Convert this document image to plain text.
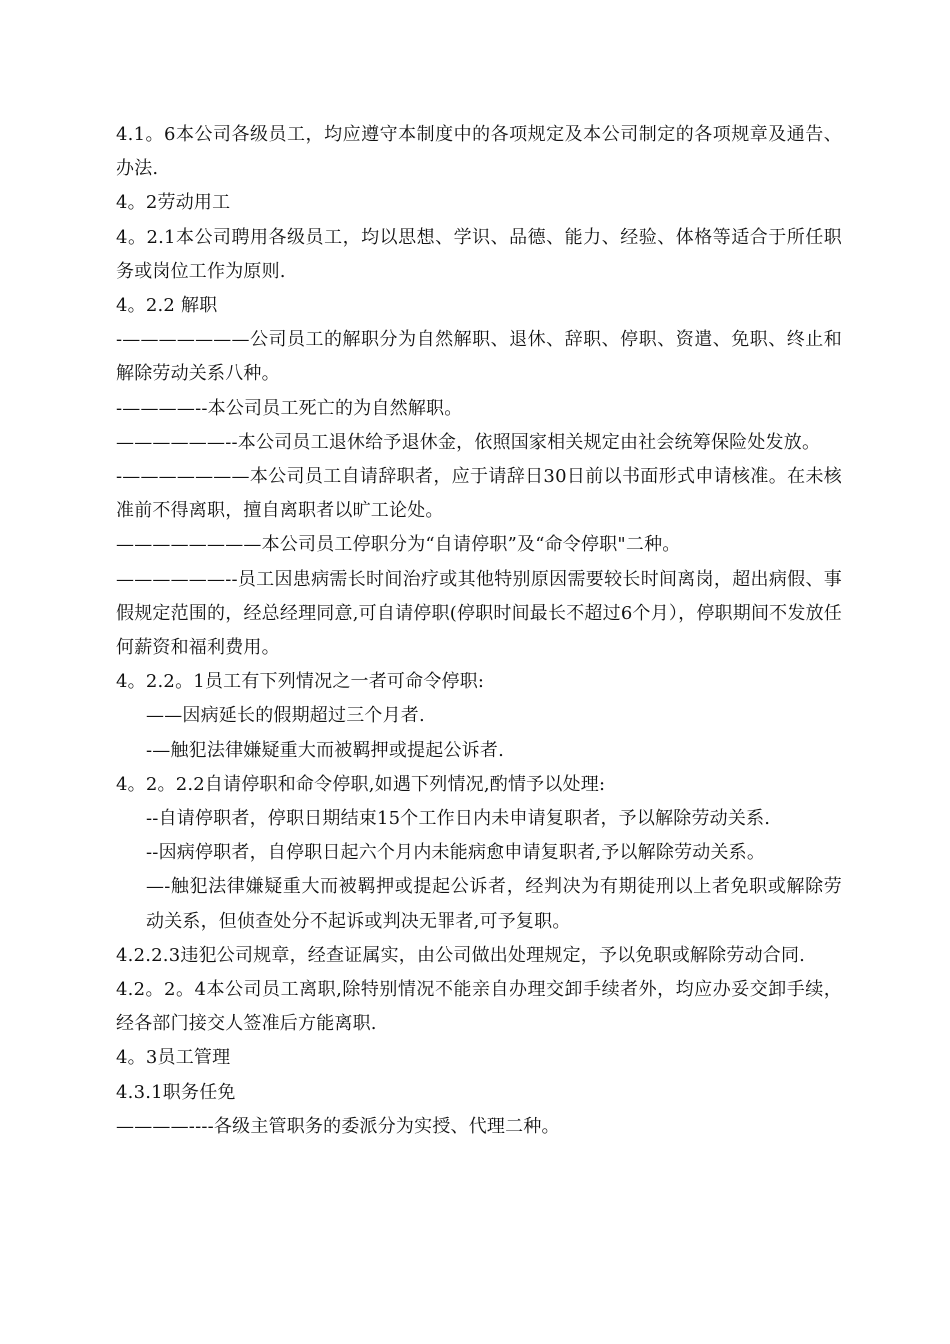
4.1。6本公司各级员工，均应遵守本制度中的各项规定及本公司制定的各项规章及通告、办法.

4。2劳动用工

4。2.1本公司聘用各级员工，均以思想、学识、品德、能力、经验、体格等适合于所任职务或岗位工作为原则.

4。2.2 解职

-———————公司员工的解职分为自然解职、退休、辞职、停职、资遣、免职、终止和解除劳动关系八种。

-————--本公司员工死亡的为自然解职。

——————--本公司员工退休给予退休金，依照国家相关规定由社会统筹保险处发放。

-———————本公司员工自请辞职者，应于请辞日30日前以书面形式申请核准。在未核准前不得离职，擅自离职者以旷工论处。

————————本公司员工停职分为“自请停职”及“命令停职"二种。

——————--员工因患病需长时间治疗或其他特别原因需要较长时间离岗，超出病假、事假规定范围的，经总经理同意,可自请停职(停职时间最长不超过6个月），停职期间不发放任何薪资和福利费用。

4。2.2。1员工有下列情况之一者可命令停职:

——因病延长的假期超过三个月者.

-—触犯法律嫌疑重大而被羁押或提起公诉者.

4。2。2.2自请停职和命令停职,如遇下列情况,酌情予以处理:

--自请停职者，停职日期结束15个工作日内未申请复职者，予以解除劳动关系.

--因病停职者，自停职日起六个月内未能病愈申请复职者,予以解除劳动关系。

—-触犯法律嫌疑重大而被羁押或提起公诉者，经判决为有期徒刑以上者免职或解除劳动关系，但侦查处分不起诉或判决无罪者,可予复职。

4.2.2.3违犯公司规章，经查证属实，由公司做出处理规定，予以免职或解除劳动合同.

4.2。2。4本公司员工离职,除特别情况不能亲自办理交卸手续者外，均应办妥交卸手续，经各部门接交人签准后方能离职.

4。3员工管理

4.3.1职务任免

————----各级主管职务的委派分为实授、代理二种。
